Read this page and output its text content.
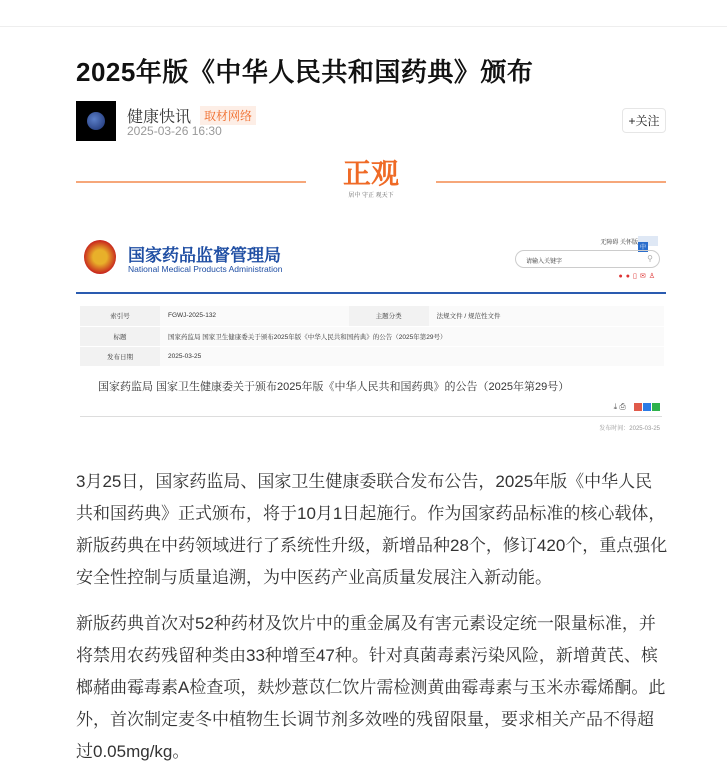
2025年版《中华人民共和国药典》颁布
健康快讯	取材网络
2025-03-26 16:30
+关注
正观
居中 守正 观天下
国家药品监督管理局
National Medical Products Administration
无障碍 关怀版
中
请输入关键字	⚲
●●▯✉♙
索引号	FGWJ-2025-132	主题分类	法规文件 / 规范性文件
标题	国家药监局 国家卫生健康委关于颁布2025年版《中华人民共和国药典》的公告（2025年第29号）		
发布日期	2025-03-25		
国家药监局 国家卫生健康委关于颁布2025年版《中华人民共和国药典》的公告（2025年第29号）
⤓ ⎙
发布时间：2025-03-25

3月25日，国家药监局、国家卫生健康委联合发布公告，2025年版《中华人民共和国药典》正式颁布，将于10月1日起施行。作为国家药品标准的核心载体，新版药典在中药领域进行了系统性升级，新增品种28个，修订420个，重点强化安全性控制与质量追溯，为中医药产业高质量发展注入新动能。

新版药典首次对52种药材及饮片中的重金属及有害元素设定统一限量标准，并将禁用农药残留种类由33种增至47种。针对真菌毒素污染风险，新增黄芪、槟榔赭曲霉毒素A检查项，麸炒薏苡仁饮片需检测黄曲霉毒素与玉米赤霉烯酮。此外，首次制定麦冬中植物生长调节剂多效唑的残留限量，要求相关产品不得超过0.05mg/kg。
